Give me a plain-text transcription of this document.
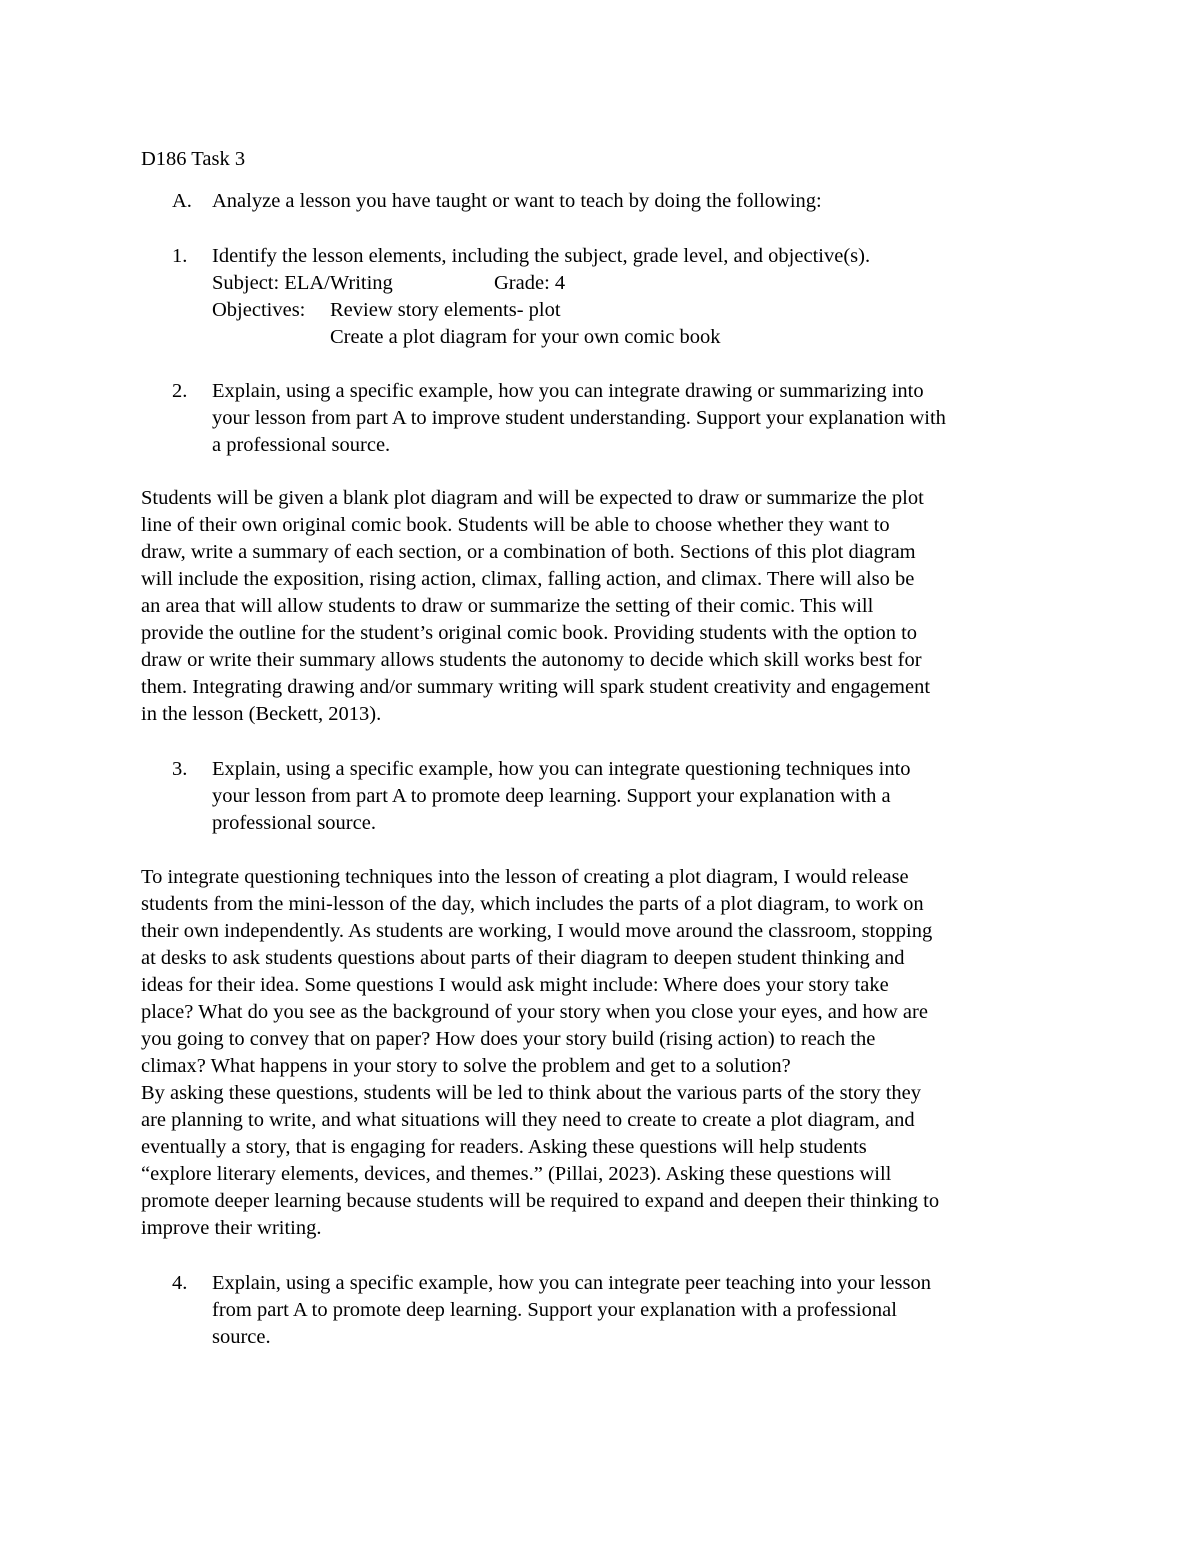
D186 Task 3
A. Analyze a lesson you have taught or want to teach by doing the following:
1. Identify the lesson elements, including the subject, grade level, and objective(s).
Subject: ELA/Writing	Grade: 4
Objectives: Review story elements- plot
Create a plot diagram for your own comic book
2. Explain, using a specific example, how you can integrate drawing or summarizing into
your lesson from part A to improve student understanding. Support your explanation with
a professional source.
Students will be given a blank plot diagram and will be expected to draw or summarize the plot
line of their own original comic book. Students will be able to choose whether they want to
draw, write a summary of each section, or a combination of both. Sections of this plot diagram
will include the exposition, rising action, climax, falling action, and climax. There will also be
an area that will allow students to draw or summarize the setting of their comic. This will
provide the outline for the student’s original comic book. Providing students with the option to
draw or write their summary allows students the autonomy to decide which skill works best for
them. Integrating drawing and/or summary writing will spark student creativity and engagement
in the lesson (Beckett, 2013).
3. Explain, using a specific example, how you can integrate questioning techniques into
your lesson from part A to promote deep learning. Support your explanation with a
professional source.
To integrate questioning techniques into the lesson of creating a plot diagram, I would release
students from the mini-lesson of the day, which includes the parts of a plot diagram, to work on
their own independently. As students are working, I would move around the classroom, stopping
at desks to ask students questions about parts of their diagram to deepen student thinking and
ideas for their idea. Some questions I would ask might include: Where does your story take
place? What do you see as the background of your story when you close your eyes, and how are
you going to convey that on paper? How does your story build (rising action) to reach the
climax? What happens in your story to solve the problem and get to a solution?
By asking these questions, students will be led to think about the various parts of the story they
are planning to write, and what situations will they need to create to create a plot diagram, and
eventually a story, that is engaging for readers. Asking these questions will help students
“explore literary elements, devices, and themes.” (Pillai, 2023). Asking these questions will
promote deeper learning because students will be required to expand and deepen their thinking to
improve their writing.
4. Explain, using a specific example, how you can integrate peer teaching into your lesson
from part A to promote deep learning. Support your explanation with a professional
source.
